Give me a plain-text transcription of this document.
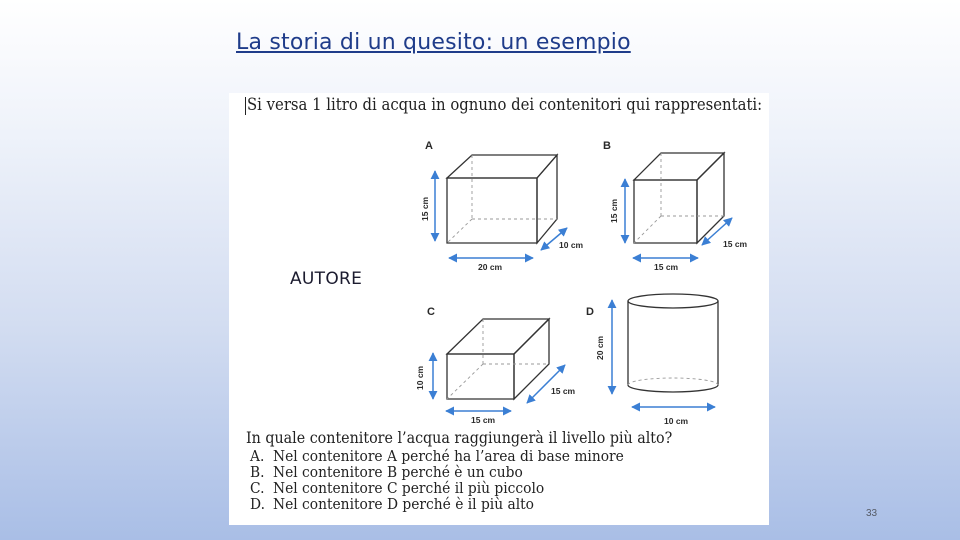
La storia di un quesito: un esempio
Si versa 1 litro di acqua in ognuno dei contenitori qui rappresentati:
A
15 cm
10 cm
20 cm
B
15 cm
15 cm
15 cm
C
10 cm
15 cm
15 cm
D
20 cm
10 cm
AUTORE
In quale contenitore l’acqua raggiungerà il livello più alto?
A. Nel contenitore A perché ha l’area di base minore
B. Nel contenitore B perché è un cubo
C. Nel contenitore C perché il più piccolo
D. Nel contenitore D perché è il più alto
33
